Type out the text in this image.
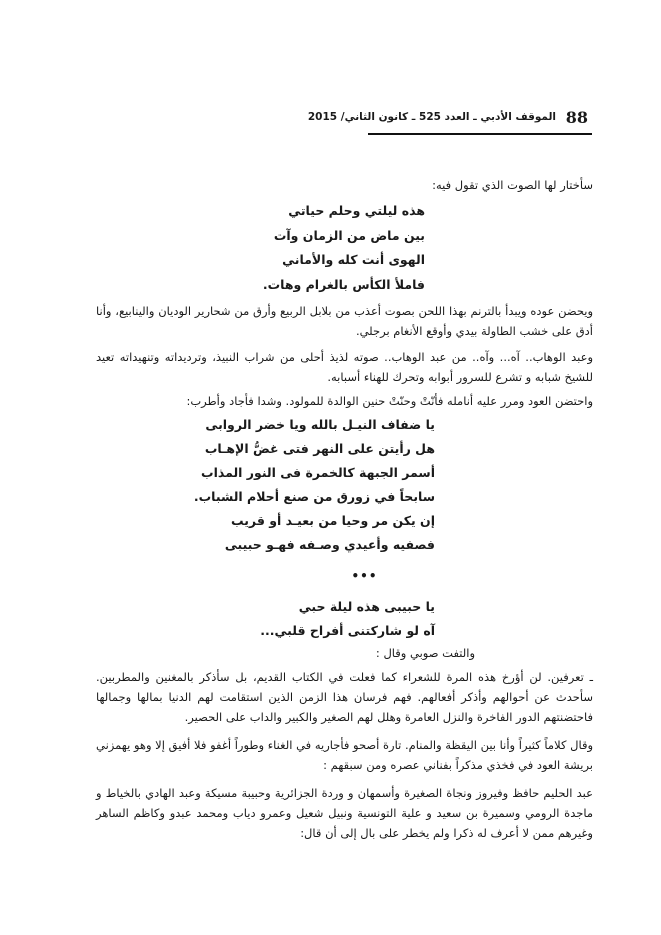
88
الموقف الأدبي ـ العدد 525 ـ كانون الثاني/ 2015

سأختار لها الصوت الذي تقول فيه:

هذه ليلتي وحلم حياتي

بين ماض من الزمان وآت

الهوى أنت كله والأماني

فاملأ الكأس بالغرام وهات.

ويحضن عوده ويبدأ بالترنم بهذا اللحن بصوت أعذب من بلابل الربيع وأرق من شحارير الوديان والينابيع، وأنا أدق على خشب الطاولة بيدي وأوقع الأنغام برجلي.

وعبد الوهاب.. آه... وآه.. من عبد الوهاب.. صوته لذيذ أحلى من شراب النبيذ، وترديداته وتنهيداته تعيد للشيخ شبابه و تشرع للسرور أبوابه وتحرك للهناء أسبابه.

واحتضن العود ومرر عليه أنامله فأنّتْ وحنّتْ حنين الوالدة للمولود. وشدا فأجاد وأطرب:

يا ضفاف النيـل بالله ويا خضر الروابى

هل رأيتن على النهر فتى غضُّ الإهـاب

أسمر الجبهة كالخمرة فى النور المذاب

سابحاً في زورق من صنع أحلام الشباب.

إن يكن مر وحيا من بعيـد أو قريب

فصفيه وأعيدي وصـفه فهـو حبيبى

•••

يا حبيبى هذه ليلة حبي

آه لو شاركتنى أفراح قلبي...

والتفت صوبي وقال :

ـ تعرفين. لن أؤرخ هذه المرة للشعراء كما فعلت في الكتاب القديم، بل سأذكر بالمغنين والمطربين. سأحدث عن أحوالهم وأذكر أفعالهم. فهم فرسان هذا الزمن الذين استقامت لهم الدنيا بمالها وجمالها فاحتضنتهم الدور الفاخرة والنزل العامرة وهلل لهم الصغير والكبير والداب على الحصير.

وقال كلاماً كثيراً وأنا بين اليقظة والمنام. تارة أصحو فأجاريه في الغناء وطوراً أغفو فلا أفيق إلا وهو يهمزني بريشة العود في فخذي مذكراً بفناني عصره ومن سبقهم :

عبد الحليم حافظ وفيروز ونجاة الصغيرة وأسمهان و وردة الجزائرية وحبيبة مسيكة وعبد الهادي بالخياط و ماجدة الرومي وسميرة بن سعيد و علية التونسية ونبيل شعيل وعمرو دياب ومحمد عبدو وكاظم الساهر وغيرهم ممن لا أعرف له ذكرا ولم يخطر على بال إلى أن قال:
